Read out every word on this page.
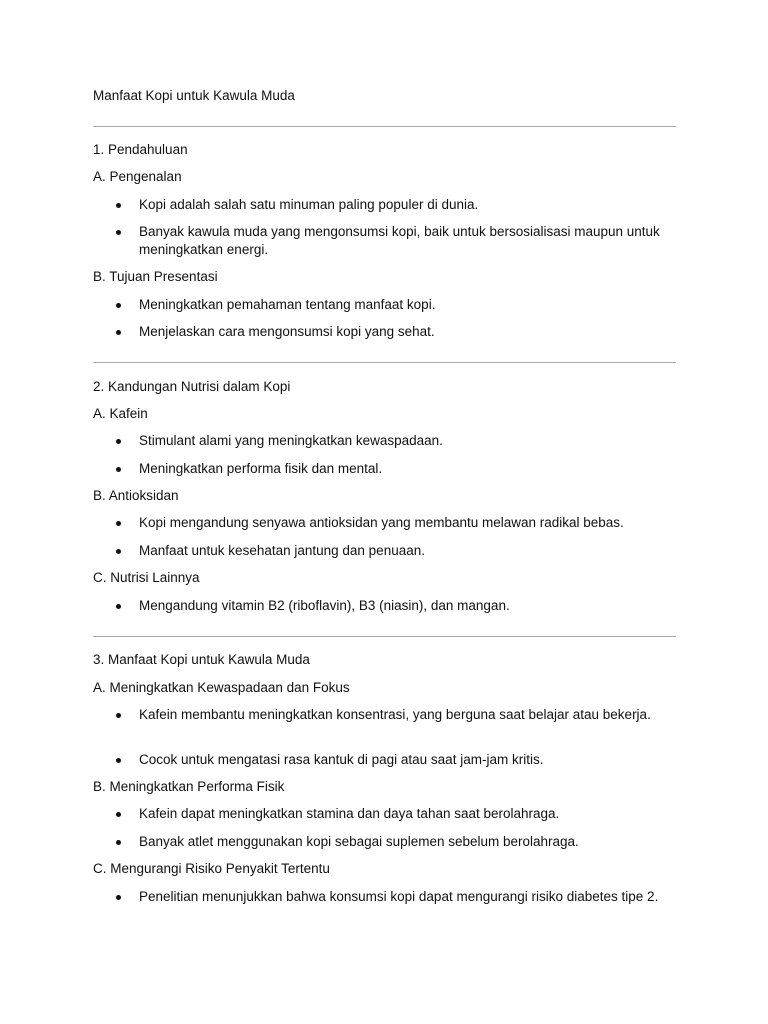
Manfaat Kopi untuk Kawula Muda
1. Pendahuluan
A. Pengenalan
Kopi adalah salah satu minuman paling populer di dunia.
Banyak kawula muda yang mengonsumsi kopi, baik untuk bersosialisasi maupun untuk meningkatkan energi.
B. Tujuan Presentasi
Meningkatkan pemahaman tentang manfaat kopi.
Menjelaskan cara mengonsumsi kopi yang sehat.
2. Kandungan Nutrisi dalam Kopi
A. Kafein
Stimulant alami yang meningkatkan kewaspadaan.
Meningkatkan performa fisik dan mental.
B. Antioksidan
Kopi mengandung senyawa antioksidan yang membantu melawan radikal bebas.
Manfaat untuk kesehatan jantung dan penuaan.
C. Nutrisi Lainnya
Mengandung vitamin B2 (riboflavin), B3 (niasin), dan mangan.
3. Manfaat Kopi untuk Kawula Muda
A. Meningkatkan Kewaspadaan dan Fokus
Kafein membantu meningkatkan konsentrasi, yang berguna saat belajar atau bekerja.
Cocok untuk mengatasi rasa kantuk di pagi atau saat jam-jam kritis.
B. Meningkatkan Performa Fisik
Kafein dapat meningkatkan stamina dan daya tahan saat berolahraga.
Banyak atlet menggunakan kopi sebagai suplemen sebelum berolahraga.
C. Mengurangi Risiko Penyakit Tertentu
Penelitian menunjukkan bahwa konsumsi kopi dapat mengurangi risiko diabetes tipe 2.
